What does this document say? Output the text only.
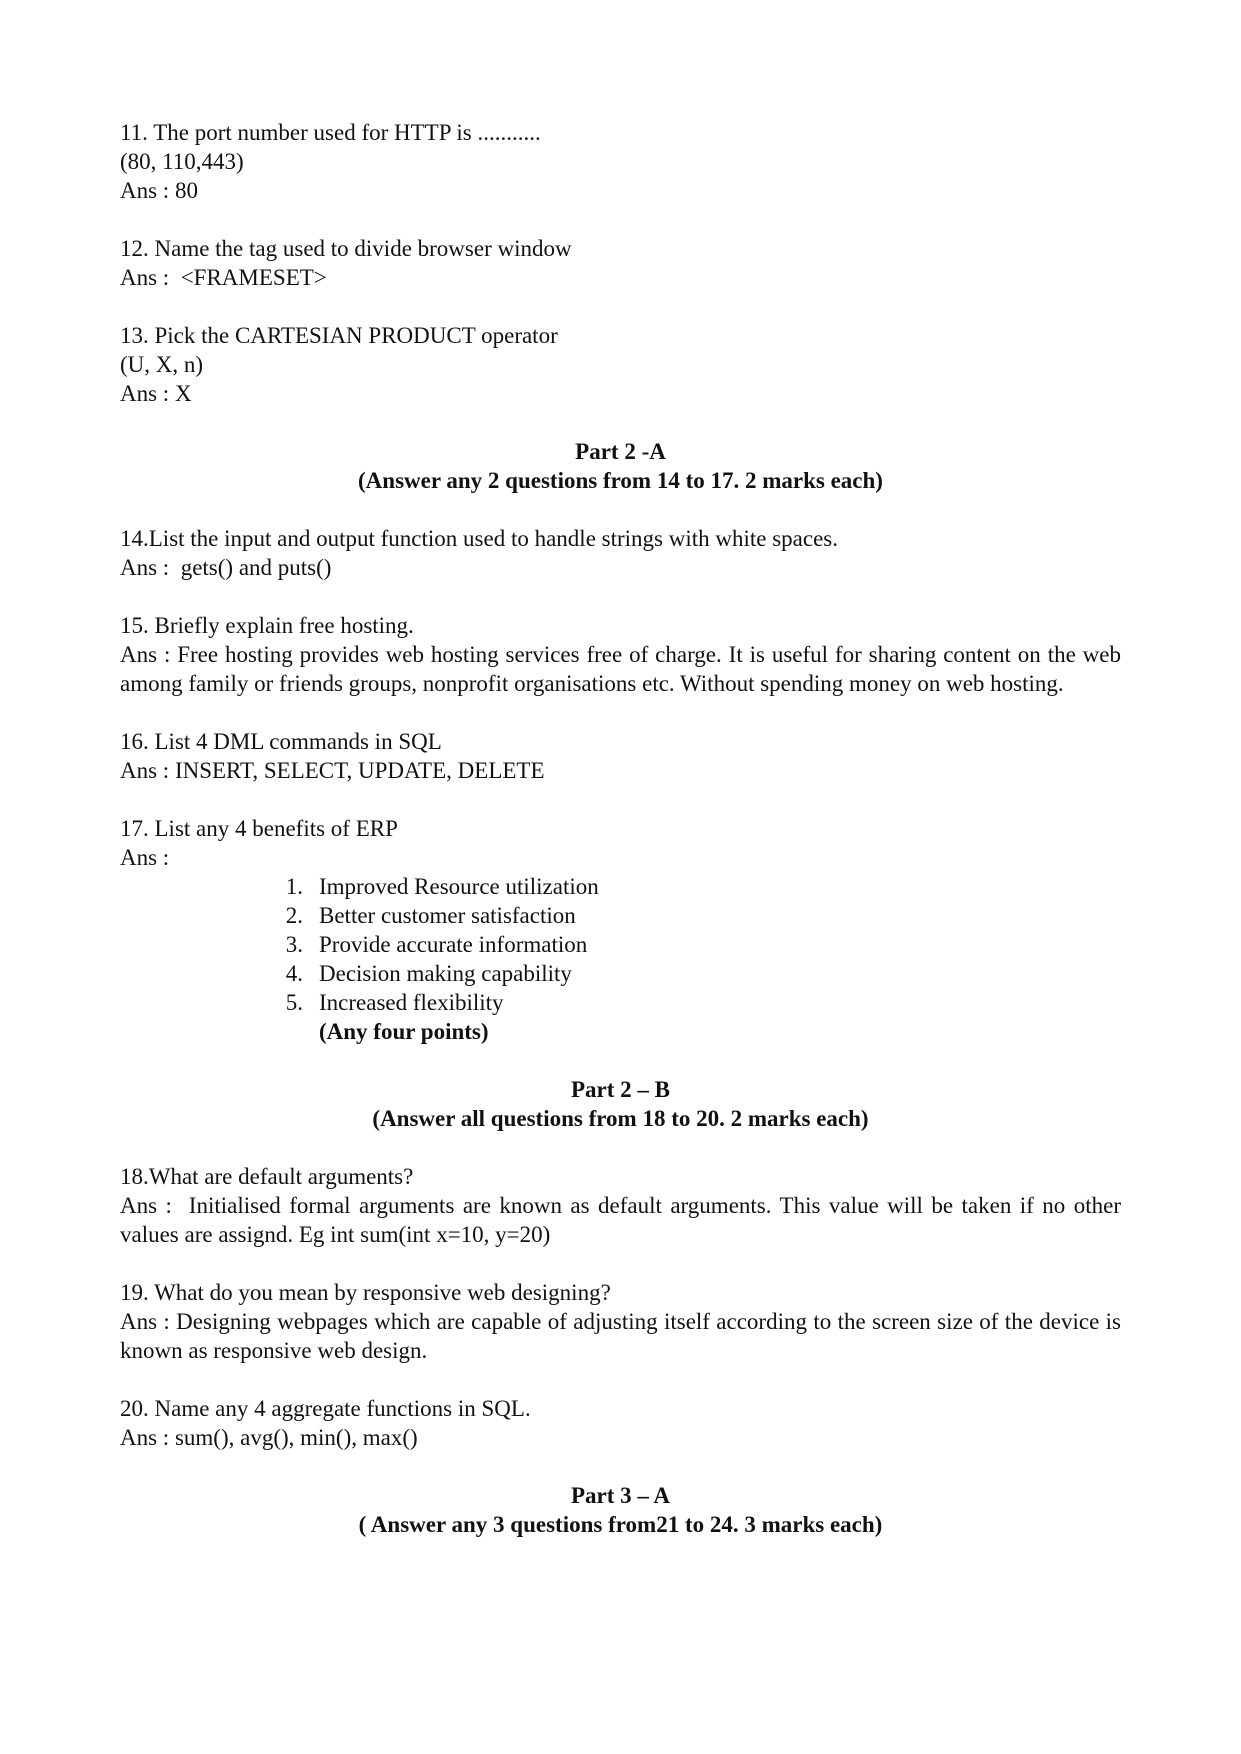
11. The port number used for HTTP is ...........
(80, 110,443)
Ans : 80
12. Name the tag used to divide browser window
Ans :  <FRAMESET>
13. Pick the CARTESIAN PRODUCT operator
(U, X, n)
Ans : X
Part 2 -A
(Answer any 2 questions from 14 to 17. 2 marks each)
14.List the input and output function used to handle strings with white spaces.
Ans :  gets() and puts()
15. Briefly explain free hosting.
Ans : Free hosting provides web hosting services free of charge. It is useful for sharing content on the web among family or friends groups, nonprofit organisations etc. Without spending money on web hosting.
16. List 4 DML commands in SQL
Ans : INSERT, SELECT, UPDATE, DELETE
17. List any 4 benefits of ERP
Ans :
1. Improved Resource utilization
2. Better customer satisfaction
3. Provide accurate information
4. Decision making capability
5. Increased flexibility
(Any four points)
Part 2 – B
(Answer all questions from 18 to 20. 2 marks each)
18.What are default arguments?
Ans :  Initialised formal arguments are known as default arguments. This value will be taken if no other values are assignd. Eg int sum(int x=10, y=20)
19. What do you mean by responsive web designing?
Ans : Designing webpages which are capable of adjusting itself according to the screen size of the device is known as responsive web design.
20. Name any 4 aggregate functions in SQL.
Ans : sum(), avg(), min(), max()
Part 3 – A
( Answer any 3 questions from21 to 24. 3 marks each)
